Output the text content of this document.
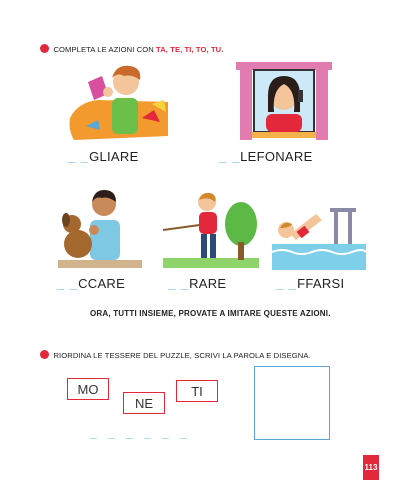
COMPLETA LE AZIONI CON TA, TE, TI, TO, TU.
_ _GLIARE	_ _LEFONARE
_ _CCARE	_ _RARE	_ _FFARSI
ORA, TUTTI INSIEME, PROVATE A IMITARE QUESTE AZIONI.
RIORDINA LE TESSERE DEL PUZZLE, SCRIVI LA PAROLA E DISEGNA.
MO
NE
TI
_ _ _ _ _ _
113
